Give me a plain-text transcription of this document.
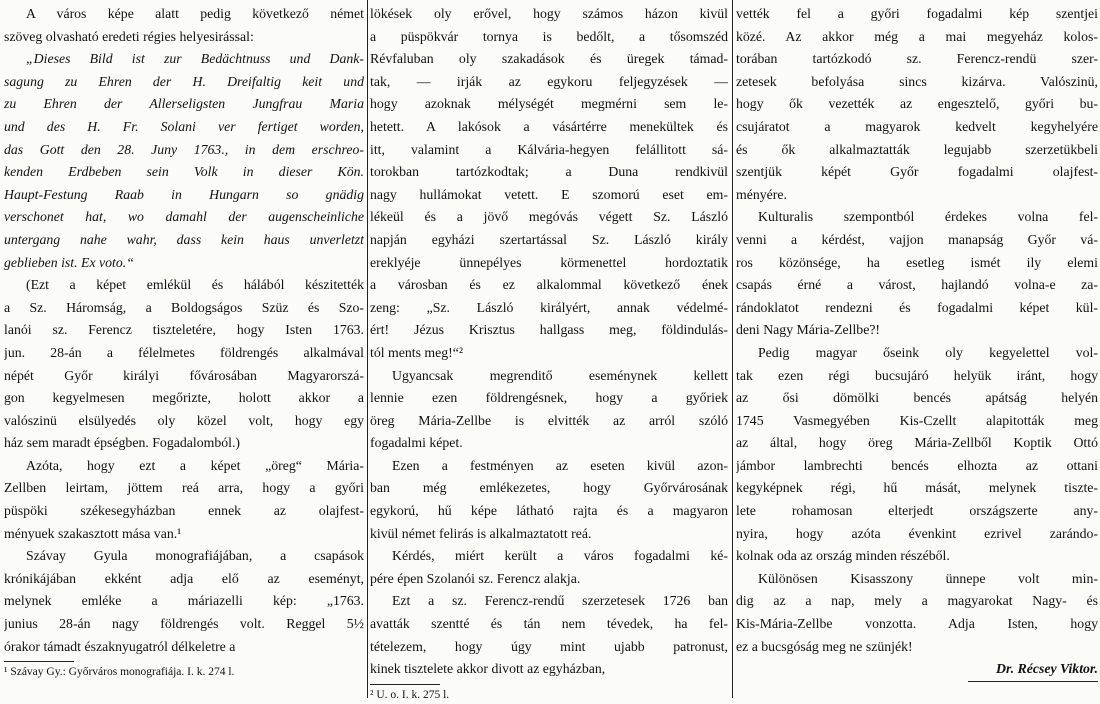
A város képe alatt pedig következő német
szöveg olvasható eredeti régies helyesirással:
„Dieses Bild ist zur Bedächtnuss und Dank-
sagung zu Ehren der H. Dreifaltig keit und
zu Ehren der Allerseligsten Jungfrau Maria
und des H. Fr. Solani ver fertiget worden,
das Gott den 28. Juny 1763., in dem erschreo-
kenden Erdbeben sein Volk in dieser Kön.
Haupt-Festung Raab in Hungarn so gnädig
verschonet hat, wo damahl der augenscheinliche
untergang nahe wahr, dass kein haus unverletzt
geblieben ist. Ex voto.“
(Ezt a képet emlékül és hálából készitették
a Sz. Háromság, a Boldogságos Szüz és Szo-
lanói sz. Ferencz tiszteletére, hogy Isten 1763.
jun. 28-án a félelmetes földrengés alkalmával
népét Győr királyi fővárosában Magyarorszá-
gon kegyelmesen megőrizte, holott akkor a
valószinü elsülyedés oly közel volt, hogy egy
ház sem maradt épségben. Fogadalomból.)
Azóta, hogy ezt a képet „öreg“ Mária-
Zellben leirtam, jöttem reá arra, hogy a győri
püspöki székesegyházban ennek az olajfest-
ményuek szakasztott mása van.¹
Szávay Gyula monografiájában, a csapások
krónikájában ekként adja elő az eseményt,
melynek emléke a máriazelli kép: „1763.
junius 28-án nagy földrengés volt. Reggel 5½
órakor támadt északnyugatról délkeletre a
¹ Szávay Gy.: Győrváros monografiája. I. k. 274 l.
lökések oly erővel, hogy számos házon kivül
a püspökvár tornya is bedőlt, a tősomszéd
Révfaluban oly szakadások és üregek támad-
tak, — irják az egykoru feljegyzések —
hogy azoknak mélységét megmérni sem le-
hetett. A lakósok a vásártérre menekültek és
itt, valamint a Kálvária-hegyen felállitott sá-
torokban tartózkodtak; a Duna rendkivül
nagy hullámokat vetett. E szomorú eset em-
lékeül és a jövő megóvás végett Sz. László
napján egyházi szertartással Sz. László király
ereklyéje ünnepélyes körmenettel hordoztatik
a városban és ez alkalommal következő ének
zeng: „Sz. László királyért, annak védelmé-
ért! Jézus Krisztus hallgass meg, földindulás-
tól ments meg!“²
Ugyancsak megrenditő eseménynek kellett
lennie ezen földrengésnek, hogy a győriek
öreg Mária-Zellbe is elvitték az arról szóló
fogadalmi képet.
Ezen a festményen az eseten kivül azon-
ban még emlékezetes, hogy Győrvárosának
egykorú, hű képe látható rajta és a magyaron
kivül német felirás is alkalmaztatott reá.
Kérdés, miért került a város fogadalmi ké-
pére épen Szolanói sz. Ferencz alakja.
Ezt a sz. Ferencz-rendű szerzetesek 1726 ban
avatták szentté és tán nem tévedek, ha fel-
tételezem, hogy úgy mint ujabb patronust,
kinek tisztelete akkor divott az egyházban,
² U. o. I. k. 275 l.
vették fel a győri fogadalmi kép szentjei
közé. Az akkor még a mai megyeház kolos-
torában tartózkodó sz. Ferencz-rendü szer-
zetesek befolyása sincs kizárva. Valószinü,
hogy ők vezették az engesztelő, győri bu-
csujáratot a magyarok kedvelt kegyhelyére
és ők alkalmaztatták legujabb szerzetükbeli
szentjük képét Győr fogadalmi olajfest-
ményére.
Kulturalis szempontból érdekes volna fel-
venni a kérdést, vajjon manapság Győr vá-
ros közönsége, ha esetleg ismét ily elemi
csapás érné a várost, hajlandó volna-e za-
rándoklatot rendezni és fogadalmi képet kül-
deni Nagy Mária-Zellbe?!
Pedig magyar őseink oly kegyelettel vol-
tak ezen régi bucsujáró helyük iránt, hogy
az ősi dömölki bencés apátság helyén
1745 Vasmegyében Kis-Czellt alapitották meg
az által, hogy öreg Mária-Zellből Koptik Ottó
jámbor lambrechti bencés elhozta az ottani
kegyképnek régi, hű mását, melynek tiszte-
lete rohamosan elterjedt országszerte any-
nyira, hogy azóta évenkint ezrivel zarándo-
kolnak oda az ország minden részéből.
Különösen Kisasszony ünnepe volt min-
dig az a nap, mely a magyarokat Nagy- és
Kis-Mária-Zellbe vonzotta. Adja Isten, hogy
ez a bucsgóság meg ne szünjék!
Dr. Récsey Viktor.
